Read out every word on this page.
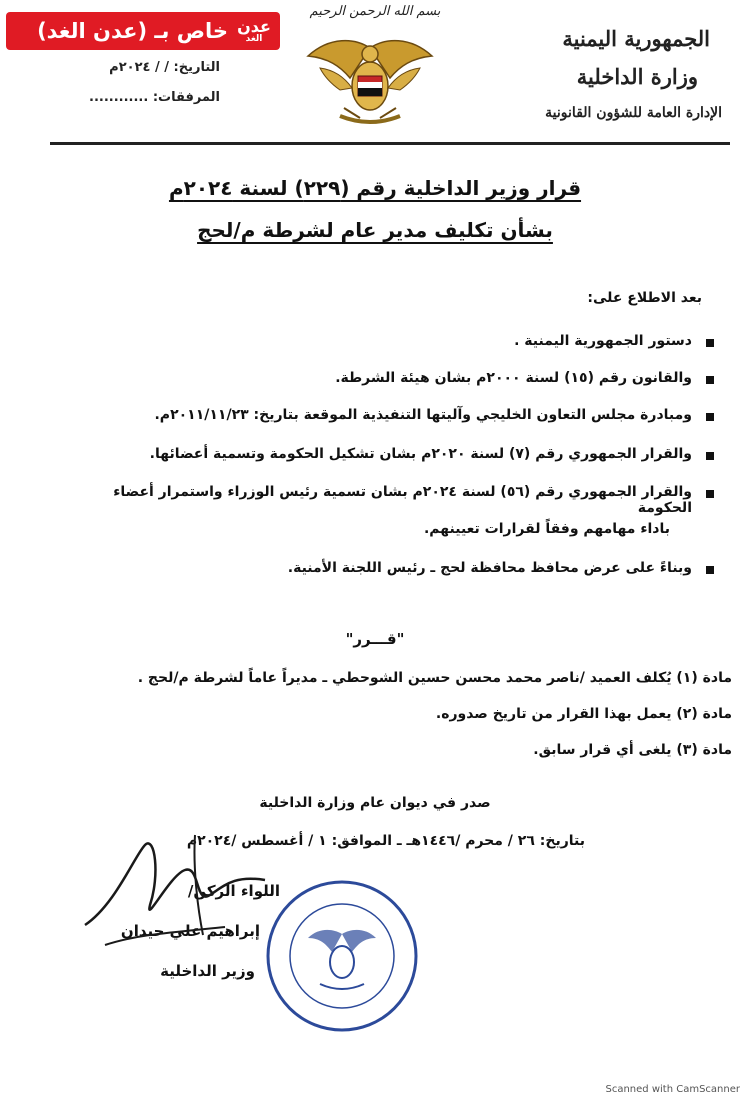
خاص بـ (عدن الغد) عدن
الغد
التاريخ: / / ٢٠٢٤م
المرفقات: ............
بسم الله الرحمن الرحيم
الجمهورية اليمنية
وزارة الداخلية
الإدارة العامة للشؤون القانونية
قرار وزير الداخلية رقم (٢٢٩) لسنة ٢٠٢٤م
بشأن تكليف مدير عام لشرطة م/لحج
بعد الاطلاع على:
دستور الجمهورية اليمنية .
والقانون رقم (١٥) لسنة ٢٠٠٠م بشان هيئة الشرطة.
ومبادرة مجلس التعاون الخليجي وآليتها التنفيذية الموقعة بتاريخ: ٢٠١١/١١/٢٣م.
والقرار الجمهوري رقم (٧) لسنة ٢٠٢٠م بشان تشكيل الحكومة وتسمية أعضائها.
والقرار الجمهوري رقم (٥٦) لسنة ٢٠٢٤م بشان تسمية رئيس الوزراء واستمرار أعضاء الحكومة
باداء مهامهم وفقاً لقرارات تعيينهم.
وبناءً على عرض محافظ محافظة لحج ـ رئيس اللجنة الأمنية.
"قـــرر"
مادة (١) يُكلف العميد /ناصر محمد محسن حسين الشوحطي ـ مديراً عاماً لشرطة م/لحج .
مادة (٢) يعمل بهذا القرار من تاريخ صدوره.
مادة (٣) يلغى أي قرار سابق.
صدر في ديوان عام وزارة الداخلية
بتاريخ: ٢٦ / محرم /١٤٤٦هـ ـ الموافق: ١ / أغسطس /٢٠٢٤م
اللواء الركن/
إبراهيم علي حيدان
وزير الداخلية
Scanned with CamScanner
